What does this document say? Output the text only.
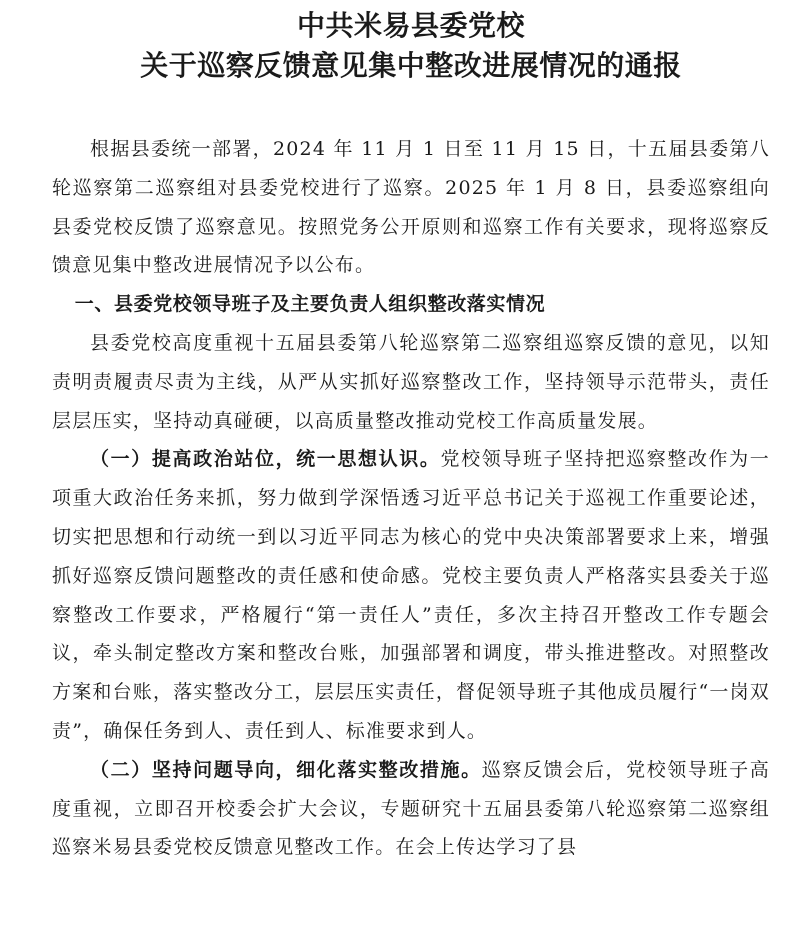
中共米易县委党校
关于巡察反馈意见集中整改进展情况的通报

根据县委统一部署，2024 年 11 月 1 日至 11 月 15 日，十五届县委第八轮巡察第二巡察组对县委党校进行了巡察。2025 年 1 月 8 日，县委巡察组向县委党校反馈了巡察意见。按照党务公开原则和巡察工作有关要求，现将巡察反馈意见集中整改进展情况予以公布。

一、县委党校领导班子及主要负责人组织整改落实情况

县委党校高度重视十五届县委第八轮巡察第二巡察组巡察反馈的意见，以知责明责履责尽责为主线，从严从实抓好巡察整改工作，坚持领导示范带头，责任层层压实，坚持动真碰硬，以高质量整改推动党校工作高质量发展。

（一）提高政治站位，统一思想认识。党校领导班子坚持把巡察整改作为一项重大政治任务来抓，努力做到学深悟透习近平总书记关于巡视工作重要论述，切实把思想和行动统一到以习近平同志为核心的党中央决策部署要求上来，增强抓好巡察反馈问题整改的责任感和使命感。党校主要负责人严格落实县委关于巡察整改工作要求，严格履行“第一责任人”责任，多次主持召开整改工作专题会议，牵头制定整改方案和整改台账，加强部署和调度，带头推进整改。对照整改方案和台账，落实整改分工，层层压实责任，督促领导班子其他成员履行“一岗双责”，确保任务到人、责任到人、标准要求到人。

（二）坚持问题导向，细化落实整改措施。巡察反馈会后，党校领导班子高度重视，立即召开校委会扩大会议，专题研究十五届县委第八轮巡察第二巡察组巡察米易县委党校反馈意见整改工作。在会上传达学习了县
